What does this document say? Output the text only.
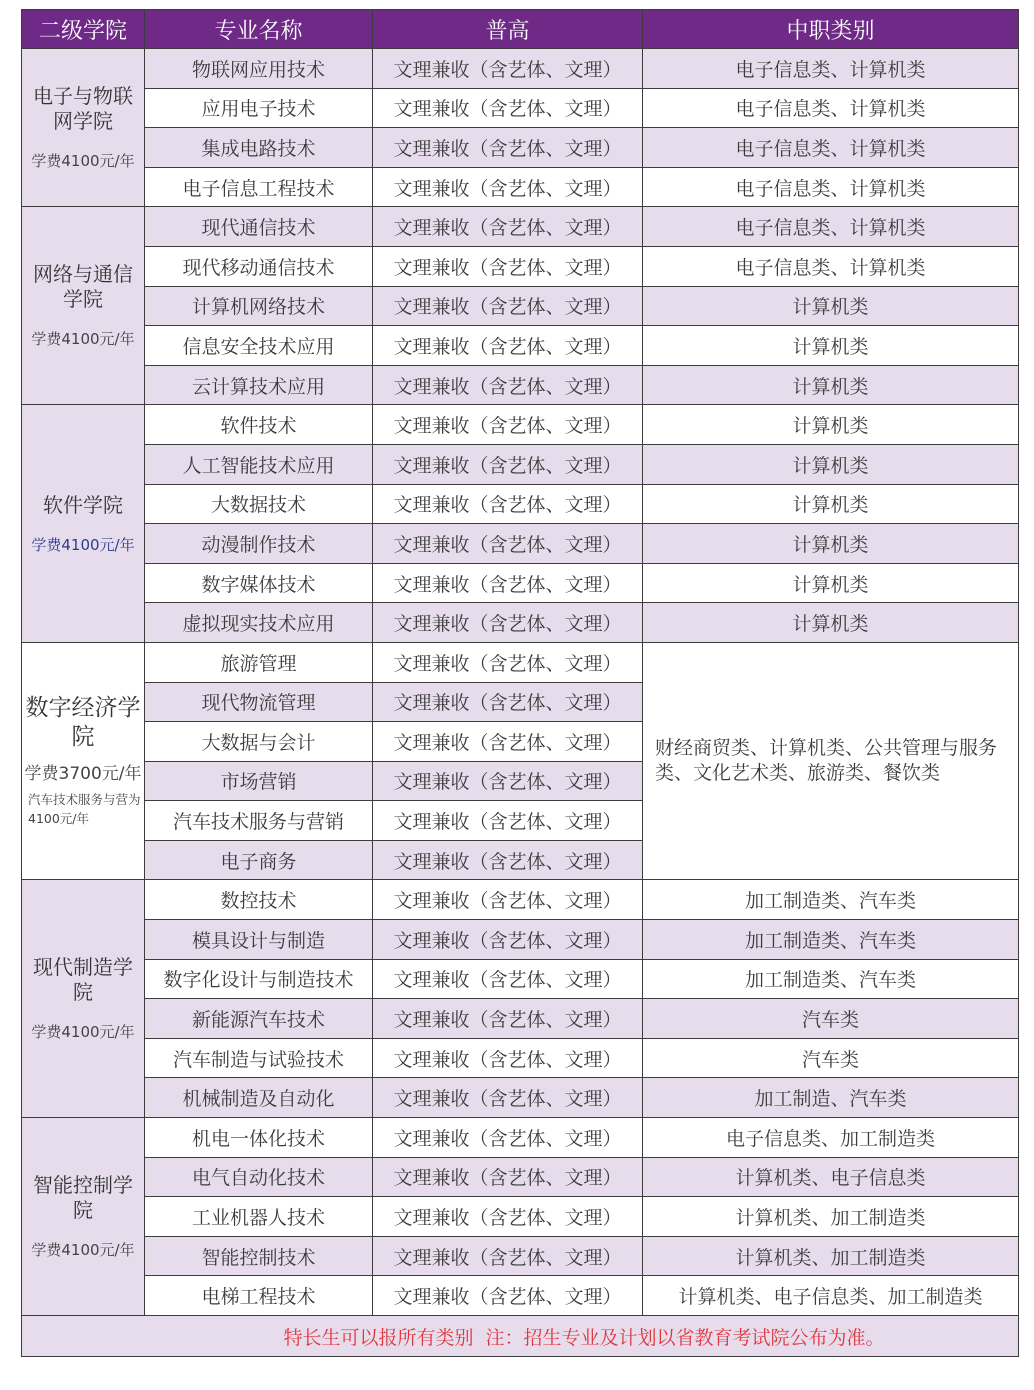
二级学院	专业名称	普高	中职类别

电子与物联网学院
学费4100元/年	物联网应用技术	文理兼收（含艺体、文理）	电子信息类、计算机类
	应用电子技术	文理兼收（含艺体、文理）	电子信息类、计算机类
	集成电路技术	文理兼收（含艺体、文理）	电子信息类、计算机类
	电子信息工程技术	文理兼收（含艺体、文理）	电子信息类、计算机类

网络与通信学院
学费4100元/年	现代通信技术	文理兼收（含艺体、文理）	电子信息类、计算机类
	现代移动通信技术	文理兼收（含艺体、文理）	电子信息类、计算机类
	计算机网络技术	文理兼收（含艺体、文理）	计算机类
	信息安全技术应用	文理兼收（含艺体、文理）	计算机类
	云计算技术应用	文理兼收（含艺体、文理）	计算机类

软件学院
学费4100元/年	软件技术	文理兼收（含艺体、文理）	计算机类
	人工智能技术应用	文理兼收（含艺体、文理）	计算机类
	大数据技术	文理兼收（含艺体、文理）	计算机类
	动漫制作技术	文理兼收（含艺体、文理）	计算机类
	数字媒体技术	文理兼收（含艺体、文理）	计算机类
	虚拟现实技术应用	文理兼收（含艺体、文理）	计算机类

数字经济学院
学费3700元/年
汽车技术服务与营为4100元/年	旅游管理	文理兼收（含艺体、文理）	财经商贸类、计算机类、公共管理与服务类、文化艺术类、旅游类、餐饮类
	现代物流管理	文理兼收（含艺体、文理）	
	大数据与会计	文理兼收（含艺体、文理）	
	市场营销	文理兼收（含艺体、文理）	
	汽车技术服务与营销	文理兼收（含艺体、文理）	
	电子商务	文理兼收（含艺体、文理）	

现代制造学院
学费4100元/年	数控技术	文理兼收（含艺体、文理）	加工制造类、汽车类
	模具设计与制造	文理兼收（含艺体、文理）	加工制造类、汽车类
	数字化设计与制造技术	文理兼收（含艺体、文理）	加工制造类、汽车类
	新能源汽车技术	文理兼收（含艺体、文理）	汽车类
	汽车制造与试验技术	文理兼收（含艺体、文理）	汽车类
	机械制造及自动化	文理兼收（含艺体、文理）	加工制造、汽车类

智能控制学院
学费4100元/年	机电一体化技术	文理兼收（含艺体、文理）	电子信息类、加工制造类
	电气自动化技术	文理兼收（含艺体、文理）	计算机类、电子信息类
	工业机器人技术	文理兼收（含艺体、文理）	计算机类、加工制造类
	智能控制技术	文理兼收（含艺体、文理）	计算机类、加工制造类
	电梯工程技术	文理兼收（含艺体、文理）	计算机类、电子信息类、加工制造类
特长生可以报所有类别 注：招生专业及计划以省教育考试院公布为准。			
